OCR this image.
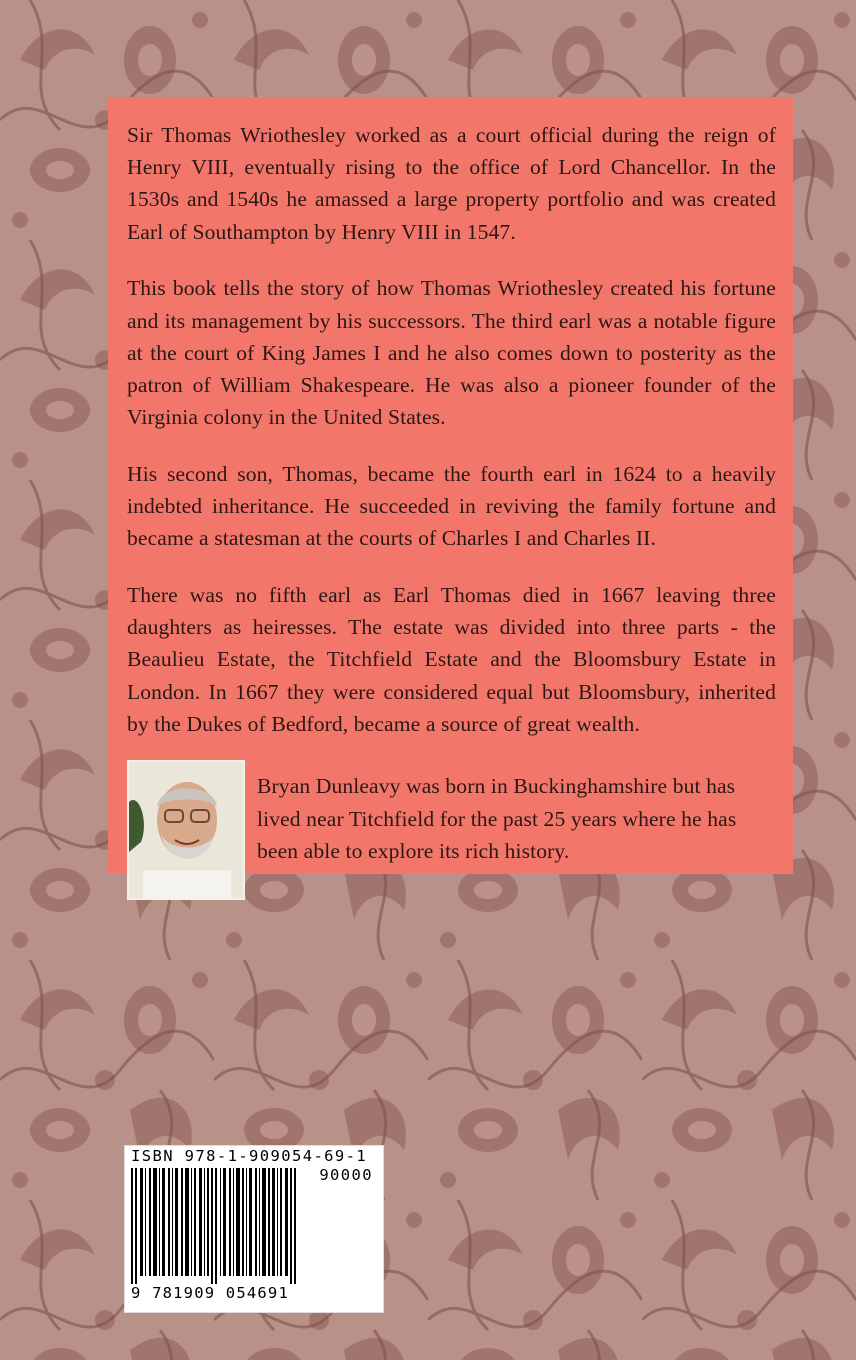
Sir Thomas Wriothesley worked as a court official during the reign of Henry VIII, eventually rising to the office of Lord Chancellor. In the 1530s and 1540s he amassed a large property portfolio and was created Earl of Southampton by Henry VIII in 1547.

This book tells the story of how Thomas Wriothesley created his fortune and its management by his successors. The third earl was a notable figure at the court of King James I and he also comes down to posterity as the patron of William Shakespeare. He was also a pioneer founder of the Virginia colony in the United States.

His second son, Thomas, became the fourth earl in 1624 to a heavily indebted inheritance. He succeeded in reviving the family fortune and became a statesman at the courts of Charles I and Charles II.

There was no fifth earl as Earl Thomas died in 1667 leaving three daughters as heiresses. The estate was divided into three parts - the Beaulieu Estate, the Titchfield Estate and the Bloomsbury Estate in London. In 1667 they were considered equal but Bloomsbury, inherited by the Dukes of Bedford, became a source of great wealth.

Bryan Dunleavy was born in Buckinghamshire but has lived near Titchfield for the past 25 years where he has been able to explore its rich history.

ISBN 978-1-909054-69-1
90000
9 781909 054691
